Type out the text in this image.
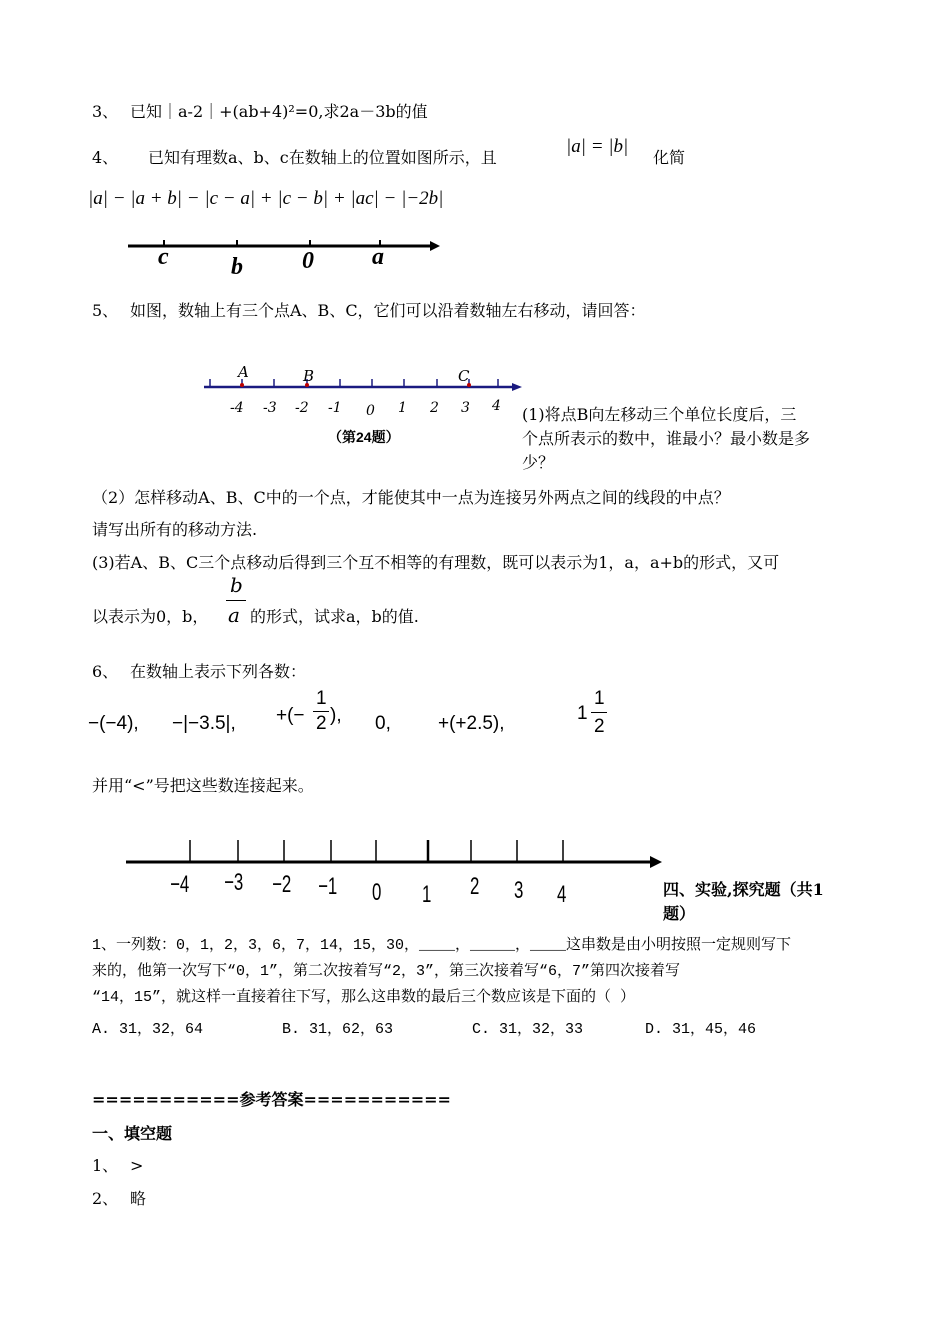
3、 已知｜a-2｜+(ab+4)²=0,求2a－3b的值
4、 已知有理数a、b、c在数轴上的位置如图所示，且
|a| = |b|
化简
|a| − |a + b| − |c − a| + |c − b| + |ac| − |−2b|
c	b 0 a
5、 如图，数轴上有三个点A、B、C，它们可以沿着数轴左右移动，请回答：
A	B	C
-4 -3 -2 -1 0 1 2 3 4
（第24题）
(1)将点B向左移动三个单位长度后，三
个点所表示的数中，谁最小？最小数是多
少？
（2）怎样移动A、B、C中的一个点，才能使其中一点为连接另外两点之间的线段的中点？
请写出所有的移动方法.
(3)若A、B、C三个点移动后得到三个互不相等的有理数，既可以表示为1，a，a+b的形式，又可
以表示为0，b，
b
a 的形式，试求a，b的值.
6、 在数轴上表示下列各数：
−(−4), −|−3.5|, +(−
1
2 ), 0, +(+2.5),	1
1
2
并用“<”号把这些数连接起来。
−4 −3 −2 −1 0 1 2 3 4	四、实验,探究题（共1
题）
1、一列数：0，1，2，3，6，7，14，15，30，____，_____，____这串数是由小明按照一定规则写下
来的，他第一次写下“0，1”，第二次按着写“2，3”，第三次接着写“6，7”第四次接着写
“14，15”，就这样一直接着往下写，那么这串数的最后三个数应该是下面的（ ）
A. 31，32，64	B. 31，62，63	C. 31，32，33	D. 31，45，46
===========参考答案===========
一、填空题
1、 >
2、 略
